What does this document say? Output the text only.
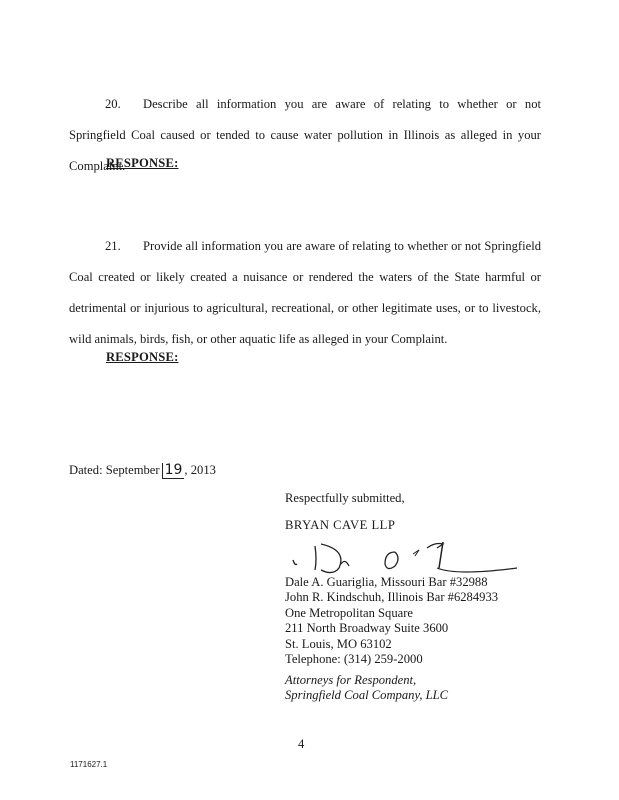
20. Describe all information you are aware of relating to whether or not Springfield Coal caused or tended to cause water pollution in Illinois as alleged in your Complaint.
RESPONSE:
21. Provide all information you are aware of relating to whether or not Springfield Coal created or likely created a nuisance or rendered the waters of the State harmful or detrimental or injurious to agricultural, recreational, or other legitimate uses, or to livestock, wild animals, birds, fish, or other aquatic life as alleged in your Complaint.
RESPONSE:
Dated: September 19 , 2013
Respectfully submitted,
BRYAN CAVE LLP
Dale A. Guariglia, Missouri Bar #32988
John R. Kindschuh, Illinois Bar #6284933
One Metropolitan Square
211 North Broadway Suite 3600
St. Louis, MO 63102
Telephone: (314) 259-2000
Attorneys for Respondent,
Springfield Coal Company, LLC
4
1171627.1
